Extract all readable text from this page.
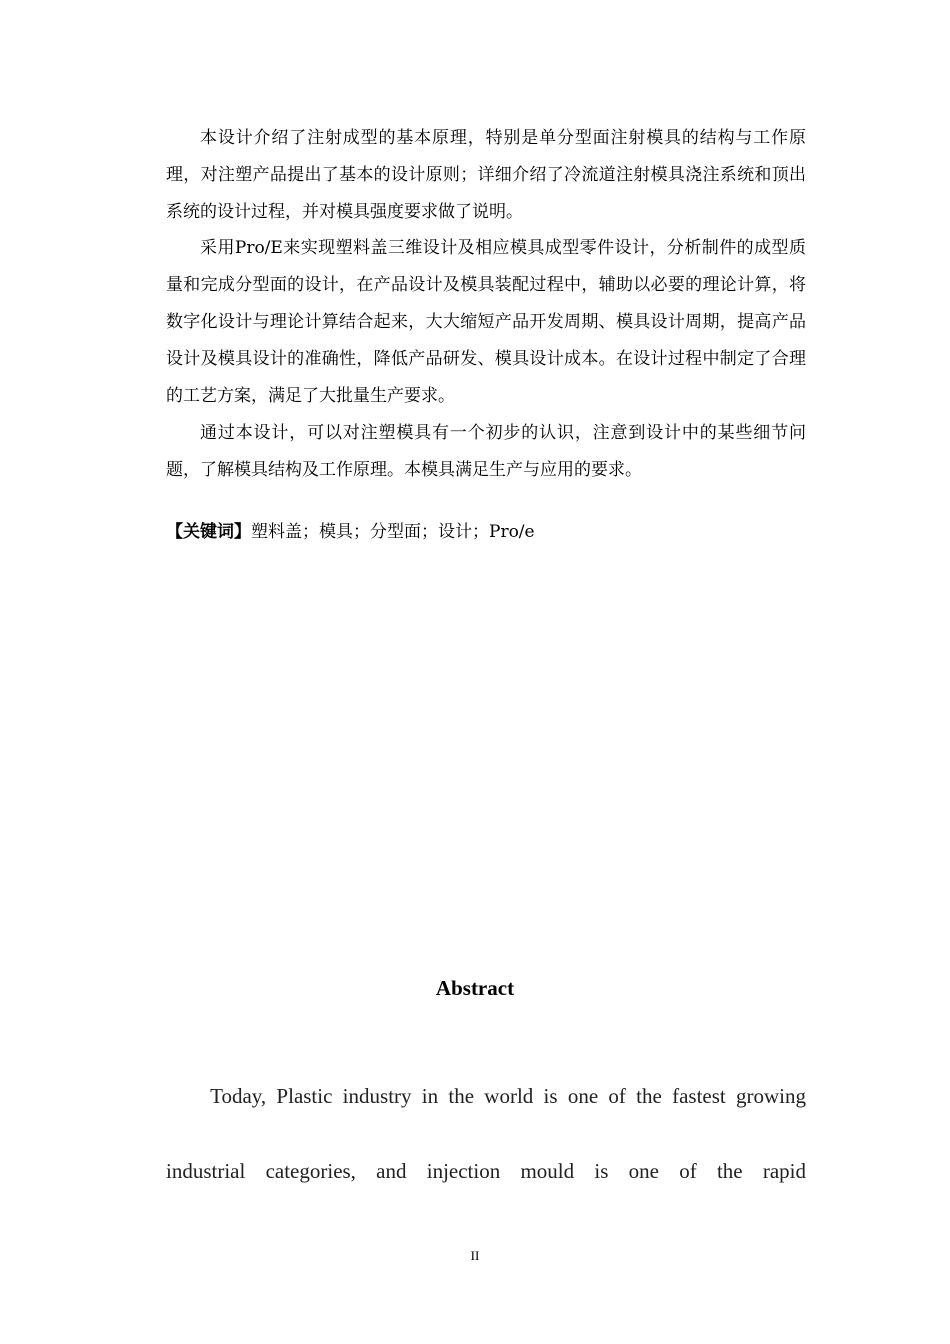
本设计介绍了注射成型的基本原理，特别是单分型面注射模具的结构与工作原理，对注塑产品提出了基本的设计原则；详细介绍了冷流道注射模具浇注系统和顶出系统的设计过程，并对模具强度要求做了说明。

采用Pro/E来实现塑料盖三维设计及相应模具成型零件设计，分析制件的成型质量和完成分型面的设计，在产品设计及模具装配过程中，辅助以必要的理论计算，将数字化设计与理论计算结合起来，大大缩短产品开发周期、模具设计周期，提高产品设计及模具设计的准确性，降低产品研发、模具设计成本。在设计过程中制定了合理的工艺方案，满足了大批量生产要求。

通过本设计，可以对注塑模具有一个初步的认识，注意到设计中的某些细节问题，了解模具结构及工作原理。本模具满足生产与应用的要求。

【关键词】塑料盖；模具；分型面；设计；Pro/e

Abstract

Today, Plastic industry in the world is one of the fastest growing industrial categories, and injection mould is one of the rapid

II
